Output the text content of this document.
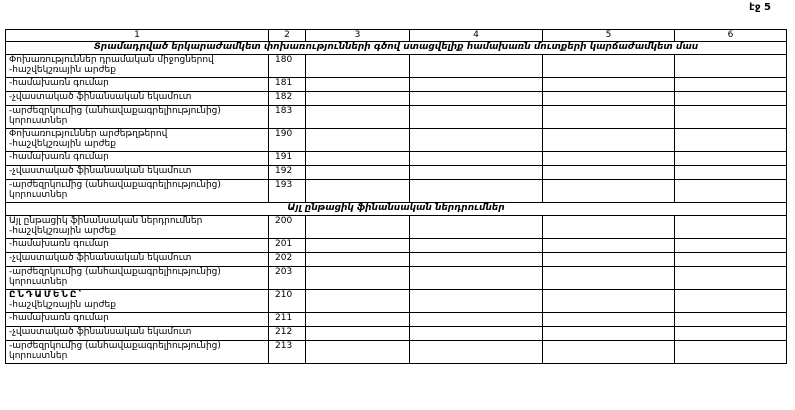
էջ 5
1	2	3	4	5	6
Տրամադրված երկարաժամկետ փոխառությունների գծով ստացվելիք համախառն մուտքերի կարճաժամկետ մաս					

Փոխառություններ դրամական միջոցներով
-հաշվեկշռային արժեք	180				

-համախառն գումար	181				

-չվաստակած ֆինանսական եկամուտ	182				

-արժեզրկումից (անհավաքագրելիությունից)
կորուստներ	183				

Փոխառություններ արժեթղթերով
-հաշվեկշռային արժեք	190				

-համախառն գումար	191				

-չվաստակած ֆինանսական եկամուտ	192				

-արժեզրկումից (անհավաքագրելիությունից)
կորուստներ	193				
Այլ ընթացիկ ֆինանսական ներդրումներ					

Այլ ընթացիկ ֆինանսական ներդրումներ
-հաշվեկշռային արժեք	200				

-համախառն գումար	201				

-չվաստակած ֆինանսական եկամուտ	202				

-արժեզրկումից (անհավաքագրելիությունից)
կորուստներ	203				

ԸՆԴԱՄԵՆԸ՝
-հաշվեկշռային արժեք	210				

-համախառն գումար	211				

-չվաստակած ֆինանսական եկամուտ	212				

-արժեզրկումից (անհավաքագրելիությունից)
կորուստներ	213				
